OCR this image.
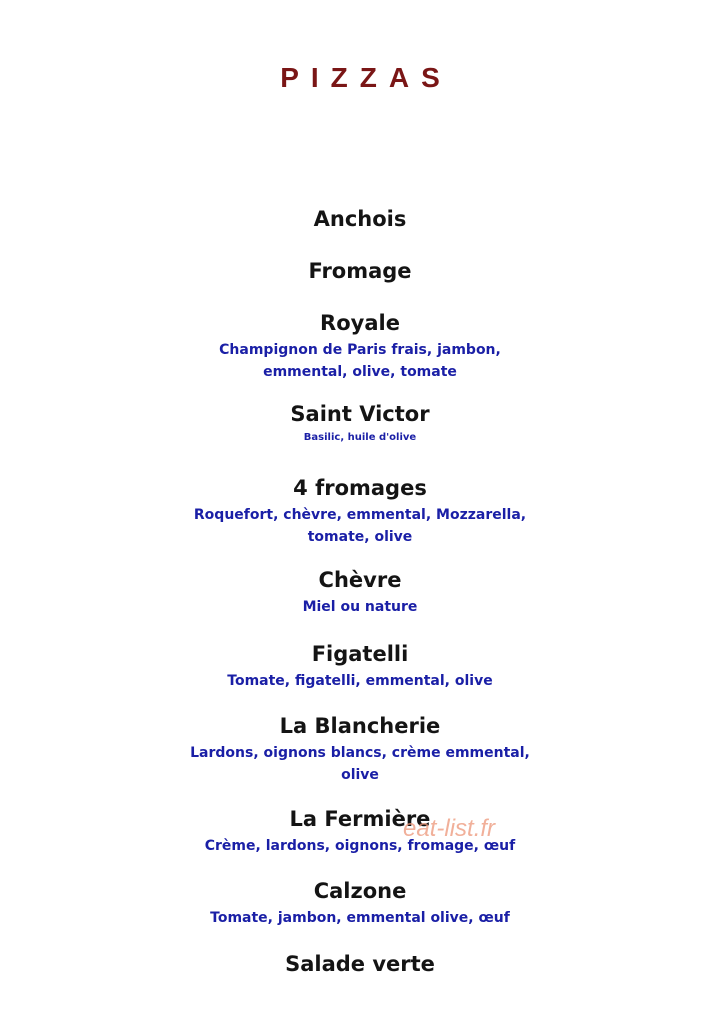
PIZZAS
Anchois
Fromage
Royale
Champignon de Paris frais, jambon,
emmental, olive, tomate
Saint Victor
Basilic, huile d'olive
4 fromages
Roquefort, chèvre, emmental, Mozzarella,
tomate, olive
Chèvre
Miel ou nature
Figatelli
Tomate, figatelli, emmental, olive
La Blancherie
Lardons, oignons blancs, crème emmental,
olive
La Fermière
Crème, lardons, oignons, fromage, œuf
Calzone
Tomate, jambon, emmental olive, œuf
Salade verte
eat-list.fr
